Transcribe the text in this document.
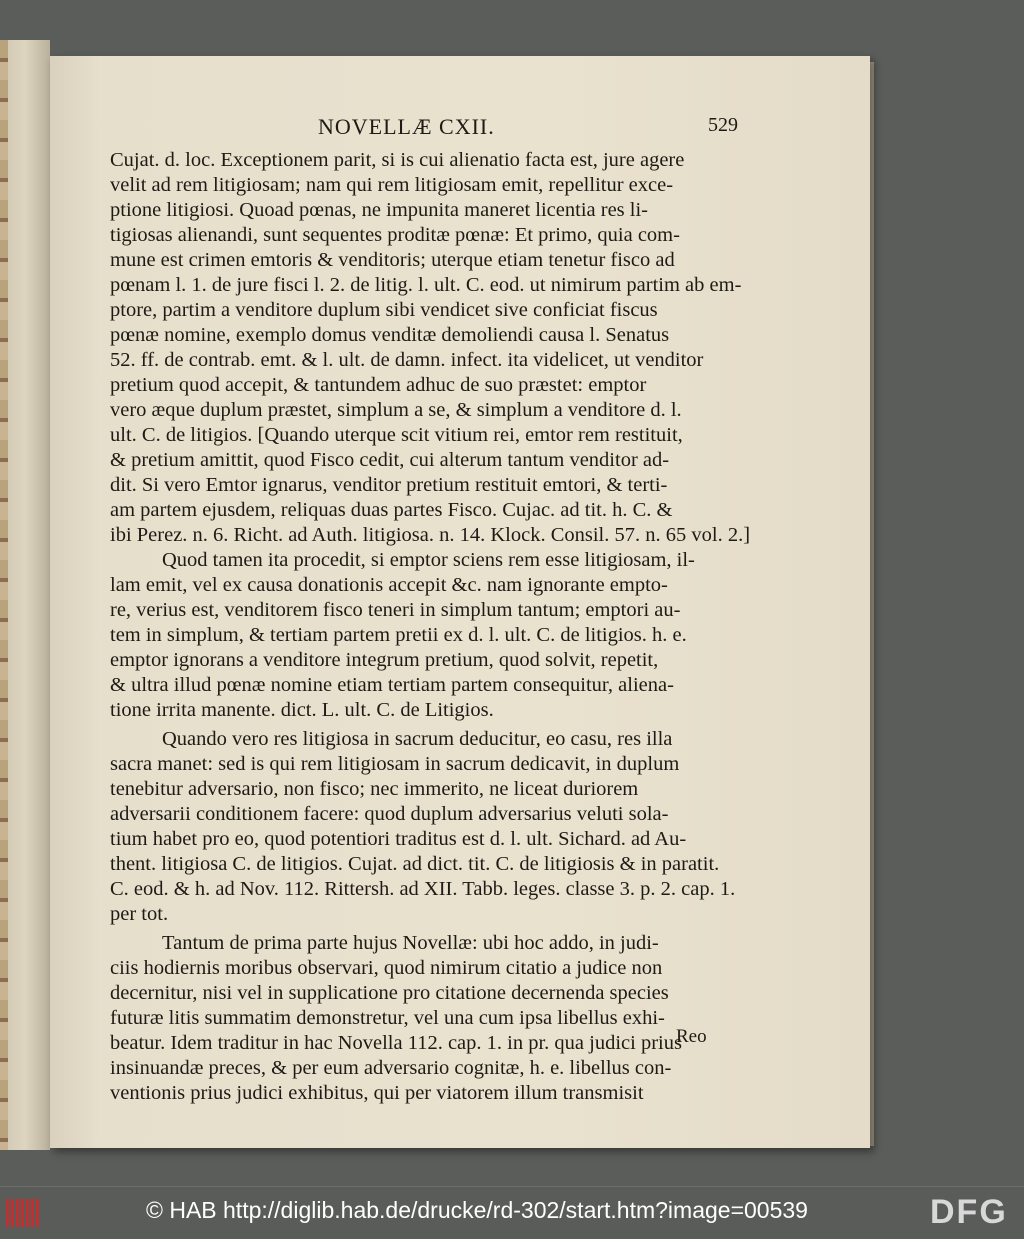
NOVELLÆ CXII.	529
Cujat. d. loc. Exceptionem parit, si is cui alienatio facta est, jure agere
velit ad rem litigiosam; nam qui rem litigiosam emit, repellitur exce-
ptione litigiosi. Quoad pœnas, ne impunita maneret licentia res li-
tigiosas alienandi, sunt sequentes proditæ pœnæ: Et primo, quia com-
mune est crimen emtoris & venditoris; uterque etiam tenetur fisco ad
pœnam l. 1. de jure fisci l. 2. de litig. l. ult. C. eod. ut nimirum partim ab em-
ptore, partim a venditore duplum sibi vendicet sive conficiat fiscus
pœnæ nomine, exemplo domus venditæ demoliendi causa l. Senatus
52. ff. de contrab. emt. & l. ult. de damn. infect. ita videlicet, ut venditor
pretium quod accepit, & tantundem adhuc de suo præstet: emptor
vero æque duplum præstet, simplum a se, & simplum a venditore d. l.
ult. C. de litigios. [Quando uterque scit vitium rei, emtor rem restituit,
& pretium amittit, quod Fisco cedit, cui alterum tantum venditor ad-
dit. Si vero Emtor ignarus, venditor pretium restituit emtori, & terti-
am partem ejusdem, reliquas duas partes Fisco. Cujac. ad tit. h. C. &
ibi Perez. n. 6. Richt. ad Auth. litigiosa. n. 14. Klock. Consil. 57. n. 65 vol. 2.]
Quod tamen ita procedit, si emptor sciens rem esse litigiosam, il-
lam emit, vel ex causa donationis accepit &c. nam ignorante empto-
re, verius est, venditorem fisco teneri in simplum tantum; emptori au-
tem in simplum, & tertiam partem pretii ex d. l. ult. C. de litigios. h. e.
emptor ignorans a venditore integrum pretium, quod solvit, repetit,
& ultra illud pœnæ nomine etiam tertiam partem consequitur, aliena-
tione irrita manente. dict. L. ult. C. de Litigios.
Quando vero res litigiosa in sacrum deducitur, eo casu, res illa
sacra manet: sed is qui rem litigiosam in sacrum dedicavit, in duplum
tenebitur adversario, non fisco; nec immerito, ne liceat duriorem
adversarii conditionem facere: quod duplum adversarius veluti sola-
tium habet pro eo, quod potentiori traditus est d. l. ult. Sichard. ad Au-
thent. litigiosa C. de litigios. Cujat. ad dict. tit. C. de litigiosis & in paratit.
C. eod. & h. ad Nov. 112. Rittersh. ad XII. Tabb. leges. classe 3. p. 2. cap. 1.
per tot.
Tantum de prima parte hujus Novellæ: ubi hoc addo, in judi-
ciis hodiernis moribus observari, quod nimirum citatio a judice non
decernitur, nisi vel in supplicatione pro citatione decernenda species
futuræ litis summatim demonstretur, vel una cum ipsa libellus exhi-
beatur. Idem traditur in hac Novella 112. cap. 1. in pr. qua judici prius
insinuandæ preces, & per eum adversario cognitæ, h. e. libellus con-
ventionis prius judici exhibitus, qui per viatorem illum transmisit
Reo
© HAB http://diglib.hab.de/drucke/rd-302/start.htm?image=00539	DFG
